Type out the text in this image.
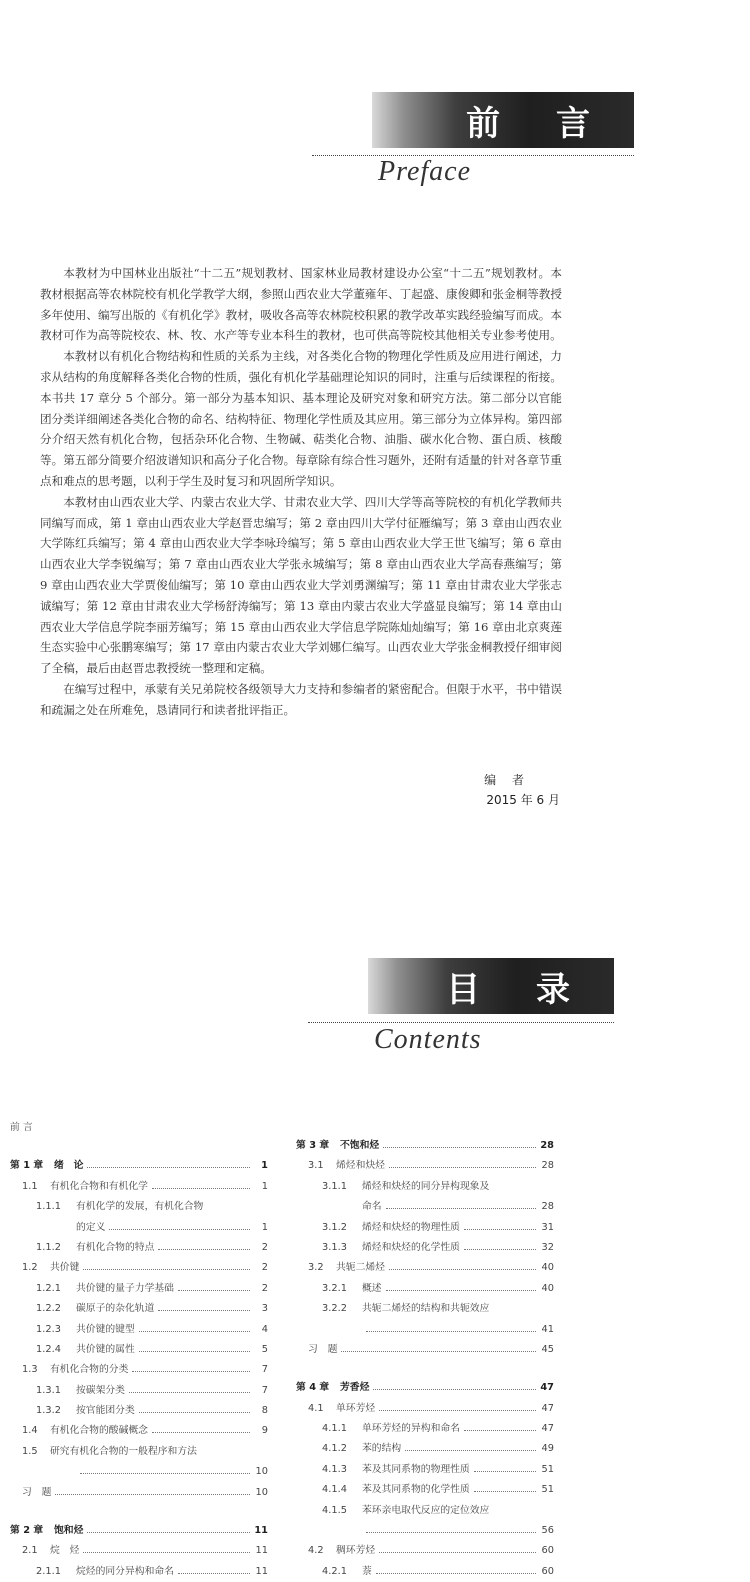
前 言
Preface

本教材为中国林业出版社“十二五”规划教材、国家林业局教材建设办公室“十二五”规划教材。本教材根据高等农林院校有机化学教学大纲，参照山西农业大学董雍年、丁起盛、康俊卿和张金桐等教授多年使用、编写出版的《有机化学》教材，吸收各高等农林院校积累的教学改革实践经验编写而成。本教材可作为高等院校农、林、牧、水产等专业本科生的教材，也可供高等院校其他相关专业参考使用。

本教材以有机化合物结构和性质的关系为主线，对各类化合物的物理化学性质及应用进行阐述，力求从结构的角度解释各类化合物的性质，强化有机化学基础理论知识的同时，注重与后续课程的衔接。本书共 17 章分 5 个部分。第一部分为基本知识、基本理论及研究对象和研究方法。第二部分以官能团分类详细阐述各类化合物的命名、结构特征、物理化学性质及其应用。第三部分为立体异构。第四部分介绍天然有机化合物，包括杂环化合物、生物碱、萜类化合物、油脂、碳水化合物、蛋白质、核酸等。第五部分简要介绍波谱知识和高分子化合物。每章除有综合性习题外，还附有适量的针对各章节重点和难点的思考题，以利于学生及时复习和巩固所学知识。

本教材由山西农业大学、内蒙古农业大学、甘肃农业大学、四川大学等高等院校的有机化学教师共同编写而成，第 1 章由山西农业大学赵晋忠编写；第 2 章由四川大学付征雁编写；第 3 章由山西农业大学陈红兵编写；第 4 章由山西农业大学李咏玲编写；第 5 章由山西农业大学王世飞编写；第 6 章由山西农业大学李锐编写；第 7 章由山西农业大学张永城编写；第 8 章由山西农业大学高春燕编写；第 9 章由山西农业大学贾俊仙编写；第 10 章由山西农业大学刘勇渊编写；第 11 章由甘肃农业大学张志诚编写；第 12 章由甘肃农业大学杨舒涛编写；第 13 章由内蒙古农业大学盛显良编写；第 14 章由山西农业大学信息学院李丽芳编写；第 15 章由山西农业大学信息学院陈灿灿编写；第 16 章由北京爽莲生态实验中心张鹏寒编写；第 17 章由内蒙古农业大学刘娜仁编写。山西农业大学张金桐教授仔细审阅了全稿，最后由赵晋忠教授统一整理和定稿。

在编写过程中，承蒙有关兄弟院校各级领导大力支持和参编者的紧密配合。但限于水平，书中错误和疏漏之处在所难免，恳请同行和读者批评指正。

编 者
2015 年 6 月
目 录
Contents
前 言
第 1 章	绪　论	1
1.1	有机化合物和有机化学	1
1.1.1	有机化学的发展，有机化合物
的定义	1
1.1.2	有机化合物的特点	2
1.2	共价键	2
1.2.1	共价键的量子力学基础	2
1.2.2	碳原子的杂化轨道	3
1.2.3	共价键的键型	4
1.2.4	共价键的属性	5
1.3	有机化合物的分类	7
1.3.1	按碳架分类	7
1.3.2	按官能团分类	8
1.4	有机化合物的酸碱概念	9
1.5	研究有机化合物的一般程序和方法
10
习　题	10
第 2 章	饱和烃	11
2.1	烷　烃	11
2.1.1	烷烃的同分异构和命名	11
第 3 章	不饱和烃	28
3.1	烯烃和炔烃	28
3.1.1	烯烃和炔烃的同分异构现象及
命名	28
3.1.2	烯烃和炔烃的物理性质	31
3.1.3	烯烃和炔烃的化学性质	32
3.2	共轭二烯烃	40
3.2.1	概述	40
3.2.2	共轭二烯烃的结构和共轭效应
41
习　题	45
第 4 章	芳香烃	47
4.1	单环芳烃	47
4.1.1	单环芳烃的异构和命名	47
4.1.2	苯的结构	49
4.1.3	苯及其同系物的物理性质	51
4.1.4	苯及其同系物的化学性质	51
4.1.5	苯环亲电取代反应的定位效应
56
4.2	稠环芳烃	60
4.2.1	萘	60
